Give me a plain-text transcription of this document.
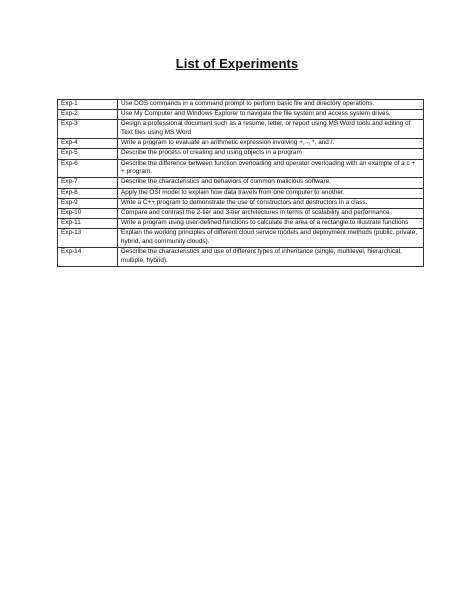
List of Experiments
Exp-1	Use DOS commands in a command prompt to perform basic file and directory operations.
Exp-2	Use My Computer and Windows Explorer to navigate the file system and access system drives.
Exp-3	Design a professional document such as a resume, letter, or report using MS Word tools.and editing of Text files using MS Word
Exp-4	Write a program to evaluate an arithmetic expression involving +, -, *, and /.
Exp-5	Describe the process of creating and using objects in a program
Exp-6	Describe the difference between function overloading and operator overloading with an example of a c + + program.
Exp-7	Describe the characteristics and behaviors of common malicious software.
Exp-8	Apply the OSI model to explain how data travels from one computer to another.
Exp-9	Write a C++ program to demonstrate the use of constructors and destructors in a class.
Exp-10	Compare and contrast the 2-tier and 3-tier architectures in terms of scalability and performance
Exp-11	Write a program using user-defined functions to calculate the area of a rectangle.to illustrate functions
Exp-13	Explain the working principles of different cloud service models and deployment methods (public, private, hybrid, and community clouds).
Exp-14	Describe the characteristics and use of different types of inheritance (single, multilevel, hierarchical, multiple, hybrid).
